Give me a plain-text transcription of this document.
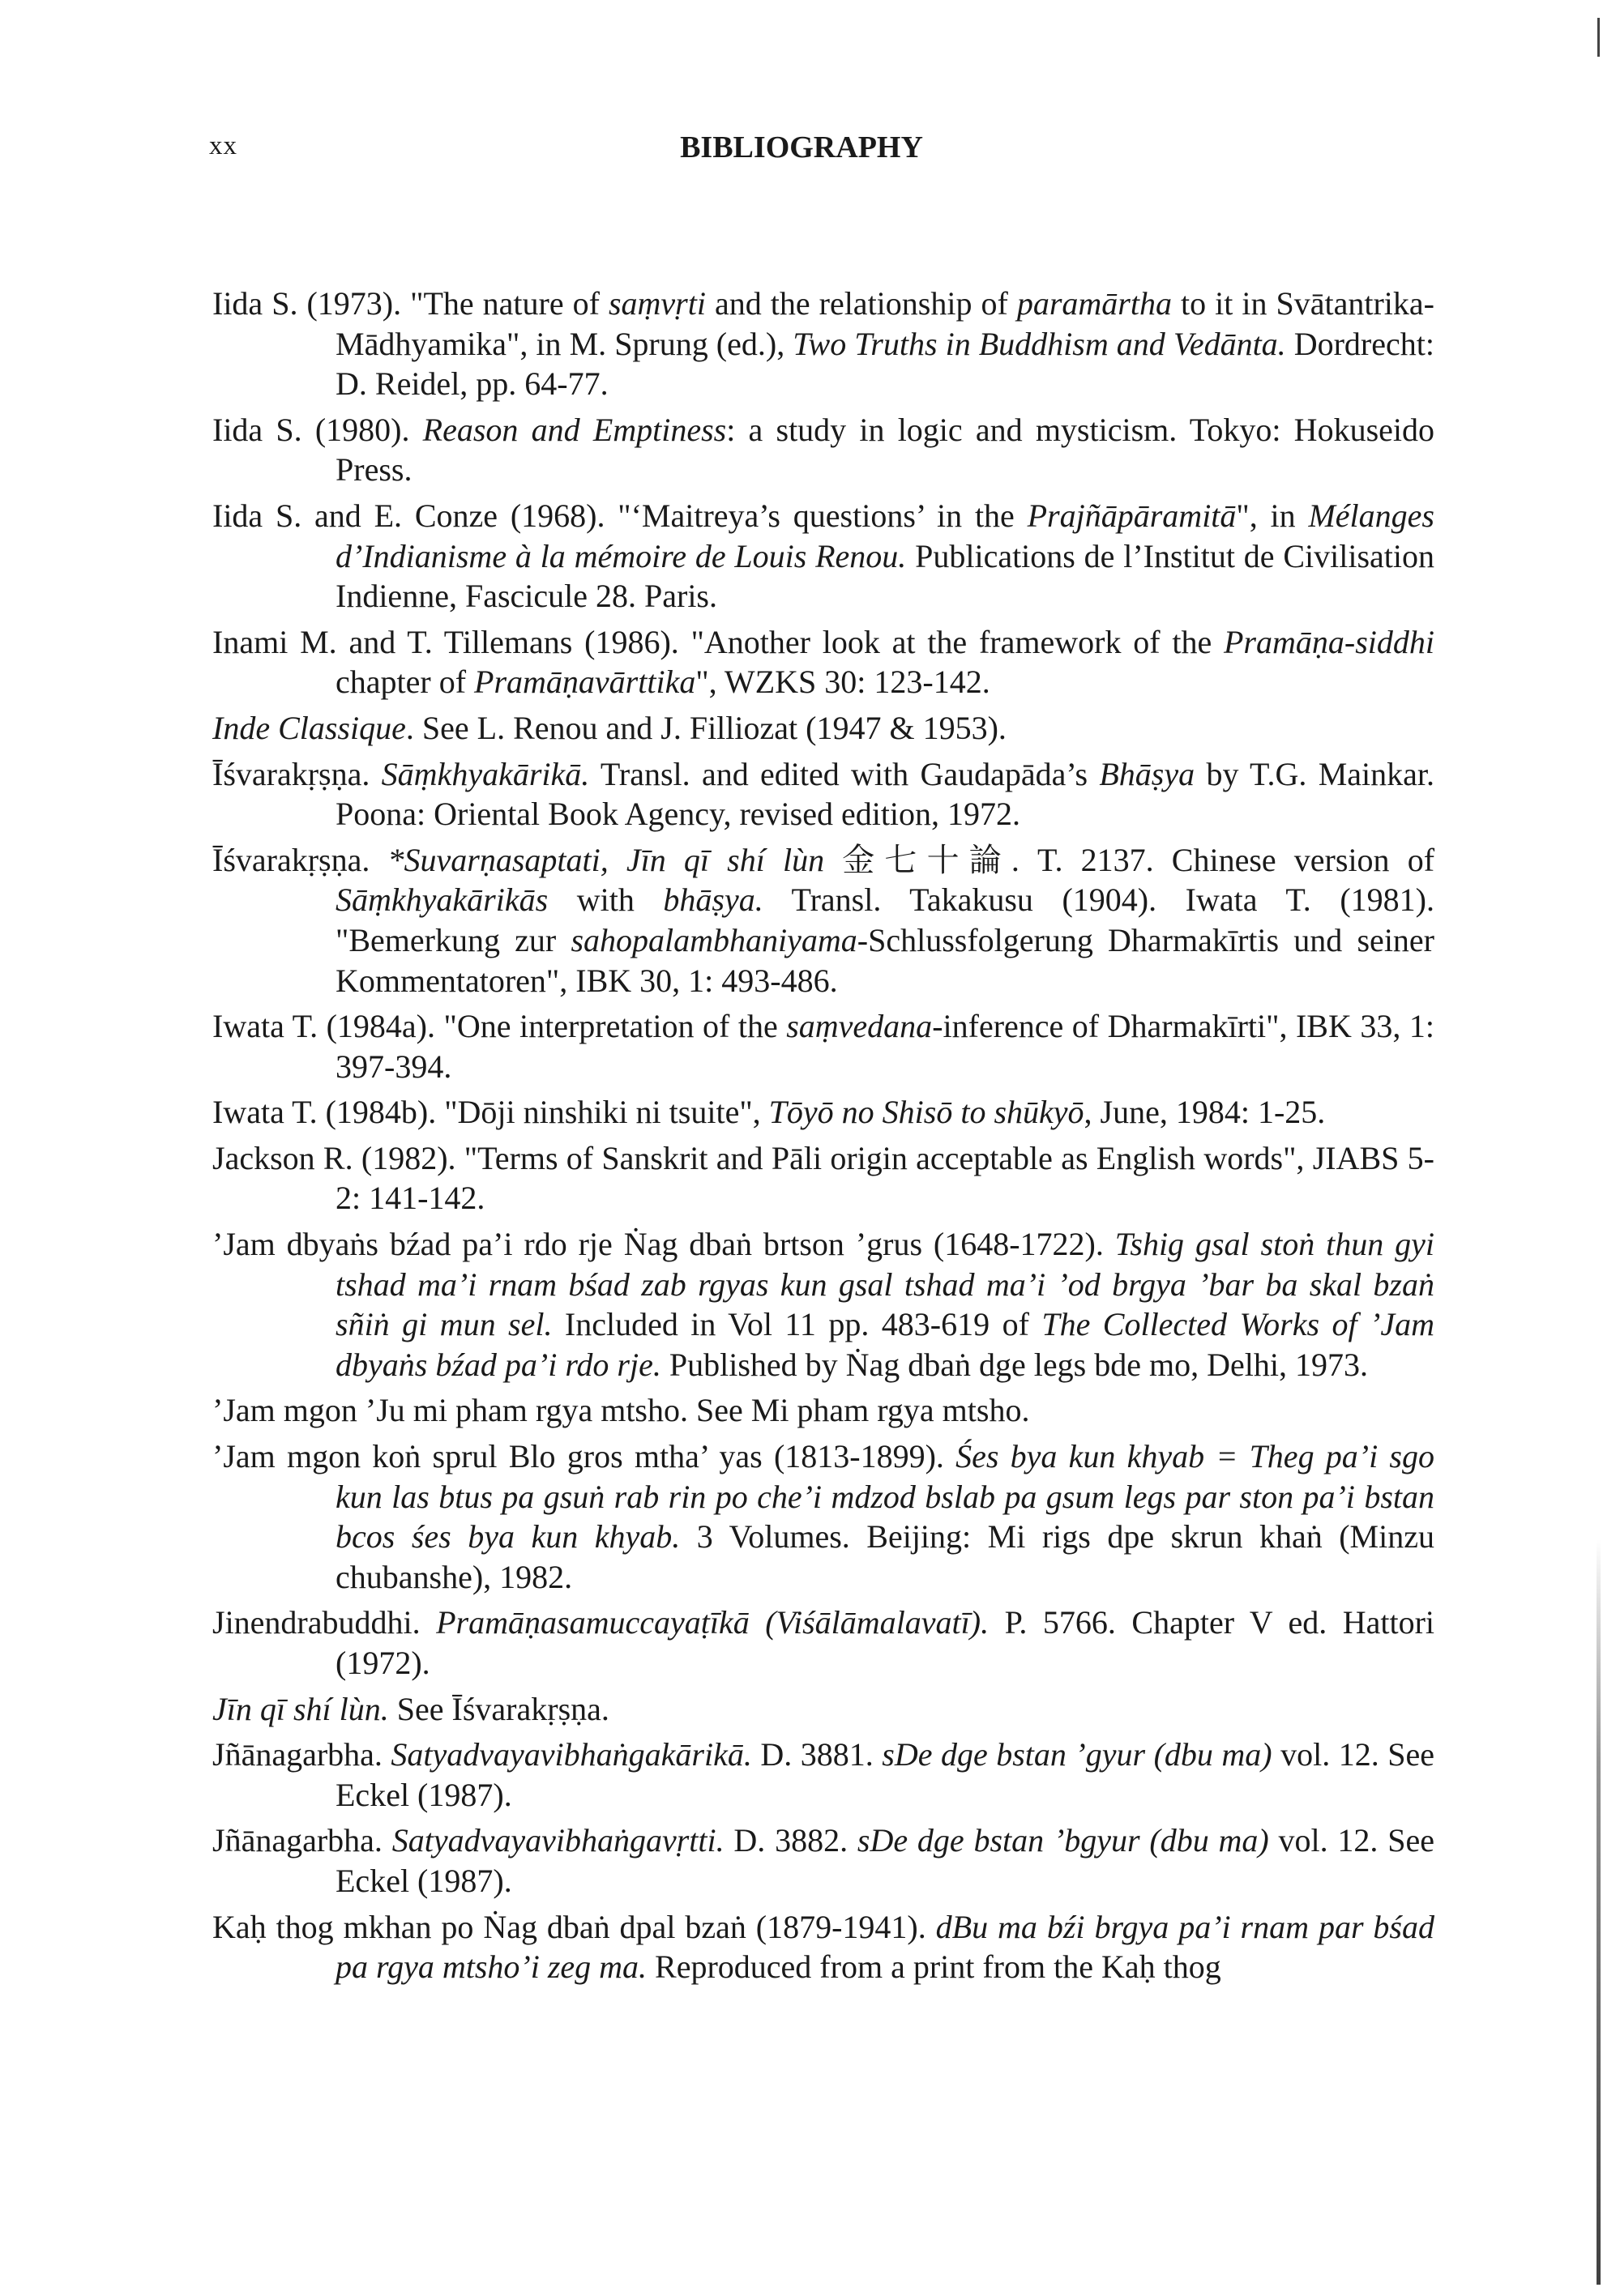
xx	BIBLIOGRAPHY

Iida S. (1973). "The nature of saṃvṛti and the relationship of paramārtha to it in Svātantrika-Mādhyamika", in M. Sprung (ed.), Two Truths in Buddhism and Vedānta. Dordrecht: D. Reidel, pp. 64-77.

Iida S. (1980). Reason and Emptiness: a study in logic and mysticism. Tokyo: Hokuseido Press.

Iida S. and E. Conze (1968). "‘Maitreya’s questions’ in the Prajñāpāramitā", in Mélanges d’Indianisme à la mémoire de Louis Renou. Publications de l’Institut de Civilisation Indienne, Fascicule 28. Paris.

Inami M. and T. Tillemans (1986). "Another look at the framework of the Pramāṇa-siddhi chapter of Pramāṇavārttika", WZKS 30: 123-142.

Inde Classique. See L. Renou and J. Filliozat (1947 & 1953).

Īśvarakṛṣṇa. Sāṃkhyakārikā. Transl. and edited with Gaudapāda’s Bhāṣya by T.G. Mainkar. Poona: Oriental Book Agency, revised edition, 1972.

Īśvarakṛṣṇa. *Suvarṇasaptati, Jīn qī shí lùn 金七十論. T. 2137. Chinese version of Sāṃkhyakārikās with bhāṣya. Transl. Takakusu (1904). Iwata T. (1981). "Bemerkung zur sahopalambhaniyama-Schlussfolgerung Dharmakīrtis und seiner Kommentatoren", IBK 30, 1: 493-486.

Iwata T. (1984a). "One interpretation of the saṃvedana-inference of Dharmakīrti", IBK 33, 1: 397-394.

Iwata T. (1984b). "Dōji ninshiki ni tsuite", Tōyō no Shisō to shūkyō, June, 1984: 1-25.

Jackson R. (1982). "Terms of Sanskrit and Pāli origin acceptable as English words", JIABS 5-2: 141-142.

’Jam dbyaṅs bźad pa’i rdo rje Ṅag dbaṅ brtson ’grus (1648-1722). Tshig gsal stoṅ thun gyi tshad ma’i rnam bśad zab rgyas kun gsal tshad ma’i ’od brgya ’bar ba skal bzaṅ sñiṅ gi mun sel. Included in Vol 11 pp. 483-619 of The Collected Works of ’Jam dbyaṅs bźad pa’i rdo rje. Published by Ṅag dbaṅ dge legs bde mo, Delhi, 1973.

’Jam mgon ’Ju mi pham rgya mtsho. See Mi pham rgya mtsho.

’Jam mgon koṅ sprul Blo gros mtha’ yas (1813-1899). Śes bya kun khyab = Theg pa’i sgo kun las btus pa gsuṅ rab rin po che’i mdzod bslab pa gsum legs par ston pa’i bstan bcos śes bya kun khyab. 3 Volumes. Beijing: Mi rigs dpe skrun khaṅ (Minzu chubanshe), 1982.

Jinendrabuddhi. Pramāṇasamuccayaṭīkā (Viśālāmalavatī). P. 5766. Chapter V ed. Hattori (1972).

Jīn qī shí lùn. See Īśvarakṛṣṇa.

Jñānagarbha. Satyadvayavibhaṅgakārikā. D. 3881. sDe dge bstan ’gyur (dbu ma) vol. 12. See Eckel (1987).

Jñānagarbha. Satyadvayavibhaṅgavṛtti. D. 3882. sDe dge bstan ’bgyur (dbu ma) vol. 12. See Eckel (1987).

Kaḥ thog mkhan po Ṅag dbaṅ dpal bzaṅ (1879-1941). dBu ma bźi brgya pa’i rnam par bśad pa rgya mtsho’i zeg ma. Reproduced from a print from the Kaḥ thog
